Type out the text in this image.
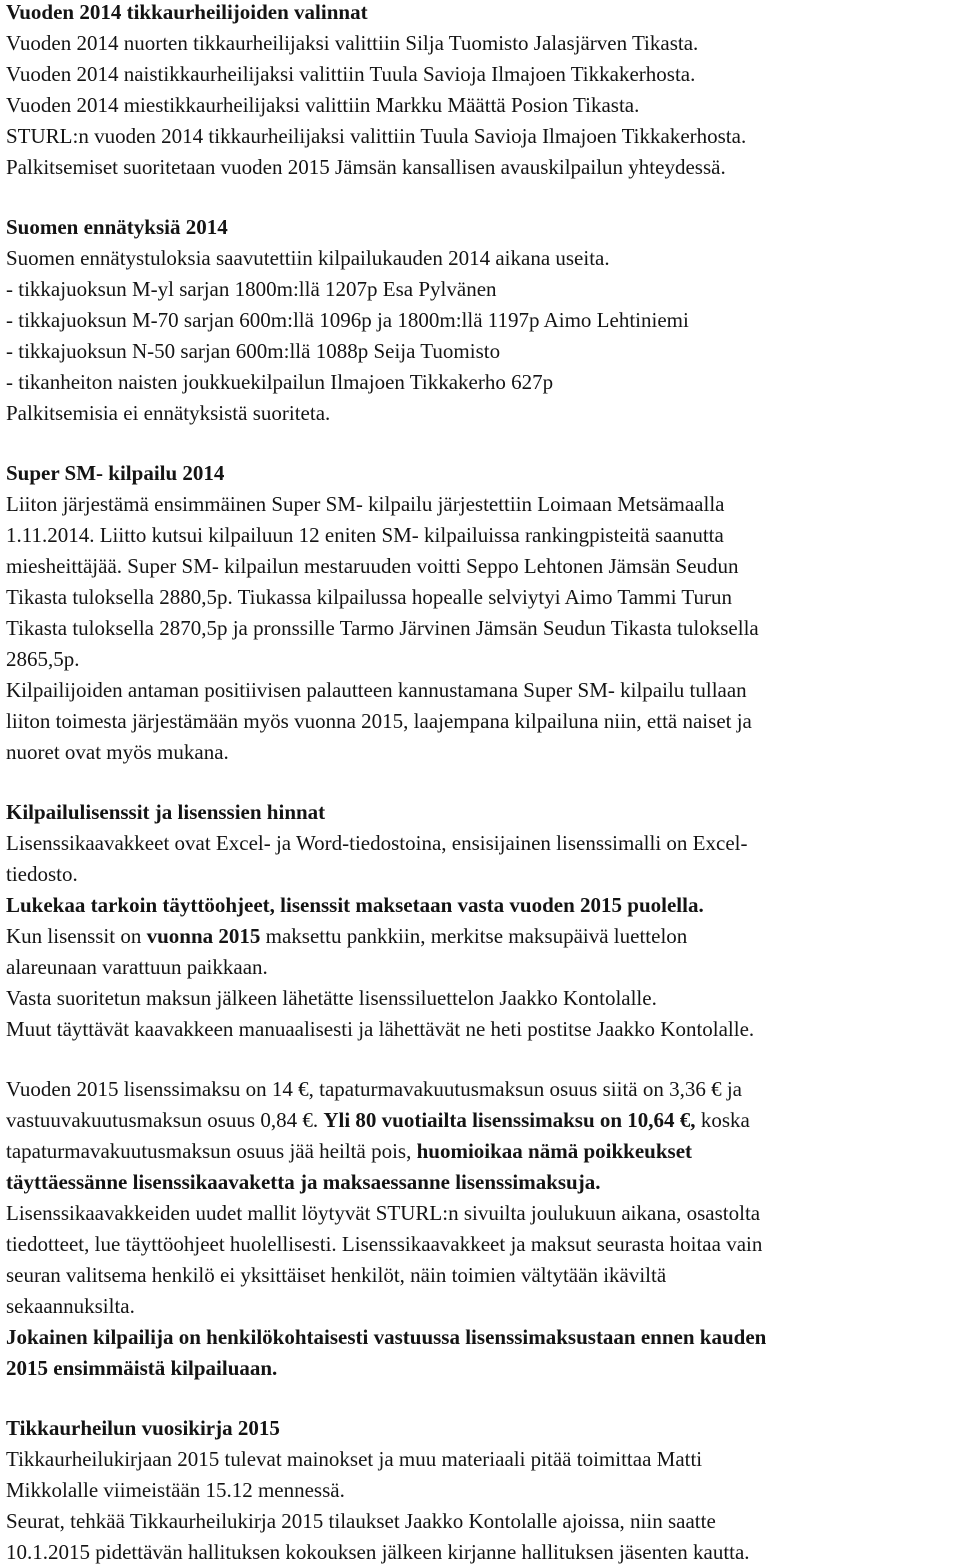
Vuoden 2014 tikkaurheilijoiden valinnat
Vuoden 2014 nuorten tikkaurheilijaksi valittiin Silja Tuomisto Jalasjärven Tikasta.
Vuoden 2014 naistikkaurheilijaksi valittiin Tuula Savioja Ilmajoen Tikkakerhosta.
Vuoden 2014 miestikkaurheilijaksi valittiin Markku Määttä Posion Tikasta.
STURL:n vuoden 2014 tikkaurheilijaksi valittiin Tuula Savioja Ilmajoen Tikkakerhosta.
Palkitsemiset suoritetaan vuoden 2015 Jämsän kansallisen avauskilpailun yhteydessä.
Suomen ennätyksiä 2014
Suomen ennätystuloksia saavutettiin kilpailukauden 2014 aikana useita.
- tikkajuoksun M-yl sarjan 1800m:llä 1207p Esa Pylvänen
- tikkajuoksun M-70 sarjan 600m:llä 1096p ja 1800m:llä 1197p Aimo Lehtiniemi
- tikkajuoksun N-50 sarjan 600m:llä 1088p Seija Tuomisto
- tikanheiton naisten joukkuekilpailun Ilmajoen Tikkakerho 627p
Palkitsemisia ei ennätyksistä suoriteta.
Super SM- kilpailu 2014
Liiton järjestämä ensimmäinen Super SM- kilpailu järjestettiin Loimaan Metsämaalla
1.11.2014. Liitto kutsui kilpailuun 12 eniten SM- kilpailuissa rankingpisteitä saanutta
miesheittäjää. Super SM- kilpailun mestaruuden voitti Seppo Lehtonen Jämsän Seudun
Tikasta tuloksella 2880,5p. Tiukassa kilpailussa hopealle selviytyi Aimo Tammi Turun
Tikasta tuloksella 2870,5p ja pronssille Tarmo Järvinen Jämsän Seudun Tikasta tuloksella
2865,5p.
Kilpailijoiden antaman positiivisen palautteen kannustamana Super SM- kilpailu tullaan
liiton toimesta järjestämään myös vuonna 2015, laajempana kilpailuna niin, että naiset ja
nuoret ovat myös mukana.
Kilpailulisenssit ja lisenssien hinnat
Lisenssikaavakkeet ovat Excel- ja Word-tiedostoina, ensisijainen lisenssimalli on Excel-
tiedosto.
Lukekaa tarkoin täyttöohjeet, lisenssit maksetaan vasta vuoden 2015 puolella.
Kun lisenssit on vuonna 2015 maksettu pankkiin, merkitse maksupäivä luettelon
alareunaan varattuun paikkaan.
Vasta suoritetun maksun jälkeen lähetätte lisenssiluettelon Jaakko Kontolalle.
Muut täyttävät kaavakkeen manuaalisesti ja lähettävät ne heti postitse Jaakko Kontolalle.
Vuoden 2015 lisenssimaksu on 14 €, tapaturmavakuutusmaksun osuus siitä on 3,36 € ja
vastuuvakuutusmaksun osuus 0,84 €. Yli 80 vuotiailta lisenssimaksu on 10,64 €, koska
tapaturmavakuutusmaksun osuus jää heiltä pois, huomioikaa nämä poikkeukset
täyttäessänne lisenssikaavaketta ja maksaessanne lisenssimaksuja.
Lisenssikaavakkeiden uudet mallit löytyvät STURL:n sivuilta joulukuun aikana, osastolta
tiedotteet, lue täyttöohjeet huolellisesti. Lisenssikaavakkeet ja maksut seurasta hoitaa vain
seuran valitsema henkilö ei yksittäiset henkilöt, näin toimien vältytään ikäviltä
sekaannuksilta.
Jokainen kilpailija on henkilökohtaisesti vastuussa lisenssimaksustaan ennen kauden
2015 ensimmäistä kilpailuaan.
Tikkaurheilun vuosikirja 2015
Tikkaurheilukirjaan 2015 tulevat mainokset ja muu materiaali pitää toimittaa Matti
Mikkolalle viimeistään 15.12 mennessä.
Seurat, tehkää Tikkaurheilukirja 2015 tilaukset Jaakko Kontolalle ajoissa, niin saatte
10.1.2015 pidettävän hallituksen kokouksen jälkeen kirjanne hallituksen jäsenten kautta.
